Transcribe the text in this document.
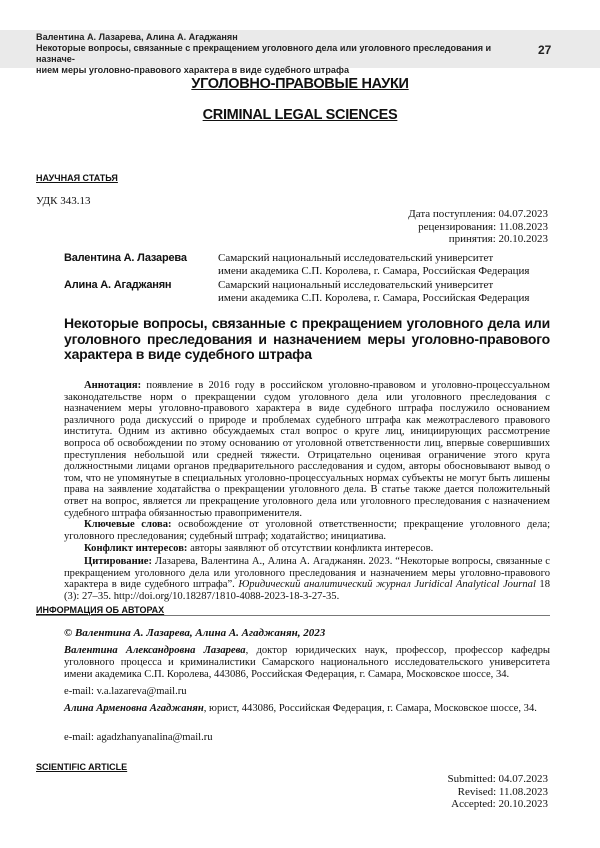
Валентина А. Лазарева, Алина А. Агаджанян
Некоторые вопросы, связанные с прекращением уголовного дела или уголовного преследования и назначе-
нием меры уголовно-правового характера в виде судебного штрафа
27
УГОЛОВНО-ПРАВОВЫЕ НАУКИ
CRIMINAL LEGAL SCIENCES
НАУЧНАЯ СТАТЬЯ
УДК 343.13
Дата поступления: 04.07.2023
рецензирования: 11.08.2023
принятия: 20.10.2023
Валентина А. Лазарева	Самарский национальный исследовательский университет
имени академика С.П. Королева, г. Самара, Российская Федерация
Алина А. Агаджанян	Самарский национальный исследовательский университет
имени академика С.П. Королева, г. Самара, Российская Федерация
Некоторые вопросы, связанные с прекращением уголовного дела или уголовного преследования и назначением меры уголовно-правового характера в виде судебного штрафа
Аннотация: появление в 2016 году в российском уголовно-правовом и уголовно-процессуальном законодательстве норм о прекращении судом уголовного дела или уголовного преследования с назначением меры уголовно-правового характера в виде судебного штрафа послужило основанием различного рода дискуссий о природе и проблемах судебного штрафа как межотраслевого правового института. Одним из активно обсуждаемых стал вопрос о круге лиц, инициирующих рассмотрение вопроса об освобождении по этому основанию от уголовной ответственности лиц, впервые совершивших преступления небольшой или средней тяжести. Отрицательно оценивая ограничение этого круга должностными лицами органов предварительного расследования и судом, авторы обосновывают вывод о том, что не упомянутые в специальных уголовно-процессуальных нормах субъекты не могут быть лишены права на заявление ходатайства о прекращении уголовного дела. В статье также дается положительный ответ на вопрос, является ли прекращение уголовного дела или уголовного преследования с назначением судебного штрафа обязанностью правоприменителя.
Ключевые слова: освобождение от уголовной ответственности; прекращение уголовного дела; уголовного преследования; судебный штраф; ходатайство; инициатива.
Конфликт интересов: авторы заявляют об отсутствии конфликта интересов.
Цитирование: Лазарева, Валентина А., Алина А. Агаджанян. 2023. “Некоторые вопросы, связанные с прекращением уголовного дела или уголовного преследования и назначением меры уголовно-правового характера в виде судебного штрафа”. Юридический аналитический журнал Juridical Analytical Journal 18 (3): 27–35. http://doi.org/10.18287/1810-4088-2023-18-3-27-35.
ИНФОРМАЦИЯ ОБ АВТОРАХ
© Валентина А. Лазарева, Алина А. Агаджанян, 2023
Валентина Александровна Лазарева, доктор юридических наук, профессор, профессор кафедры уголовного процесса и криминалистики Самарского национального исследовательского университета имени академика С.П. Королева, 443086, Российская Федерация, г. Самара, Московское шоссе, 34.
e-mail: v.a.lazareva@mail.ru
Алина Арменовна Агаджанян, юрист, 443086, Российская Федерация, г. Самара, Московское шоссе, 34.
e-mail: agadzhanyanalina@mail.ru
SCIENTIFIC ARTICLE
Submitted: 04.07.2023
Revised: 11.08.2023
Accepted: 20.10.2023
